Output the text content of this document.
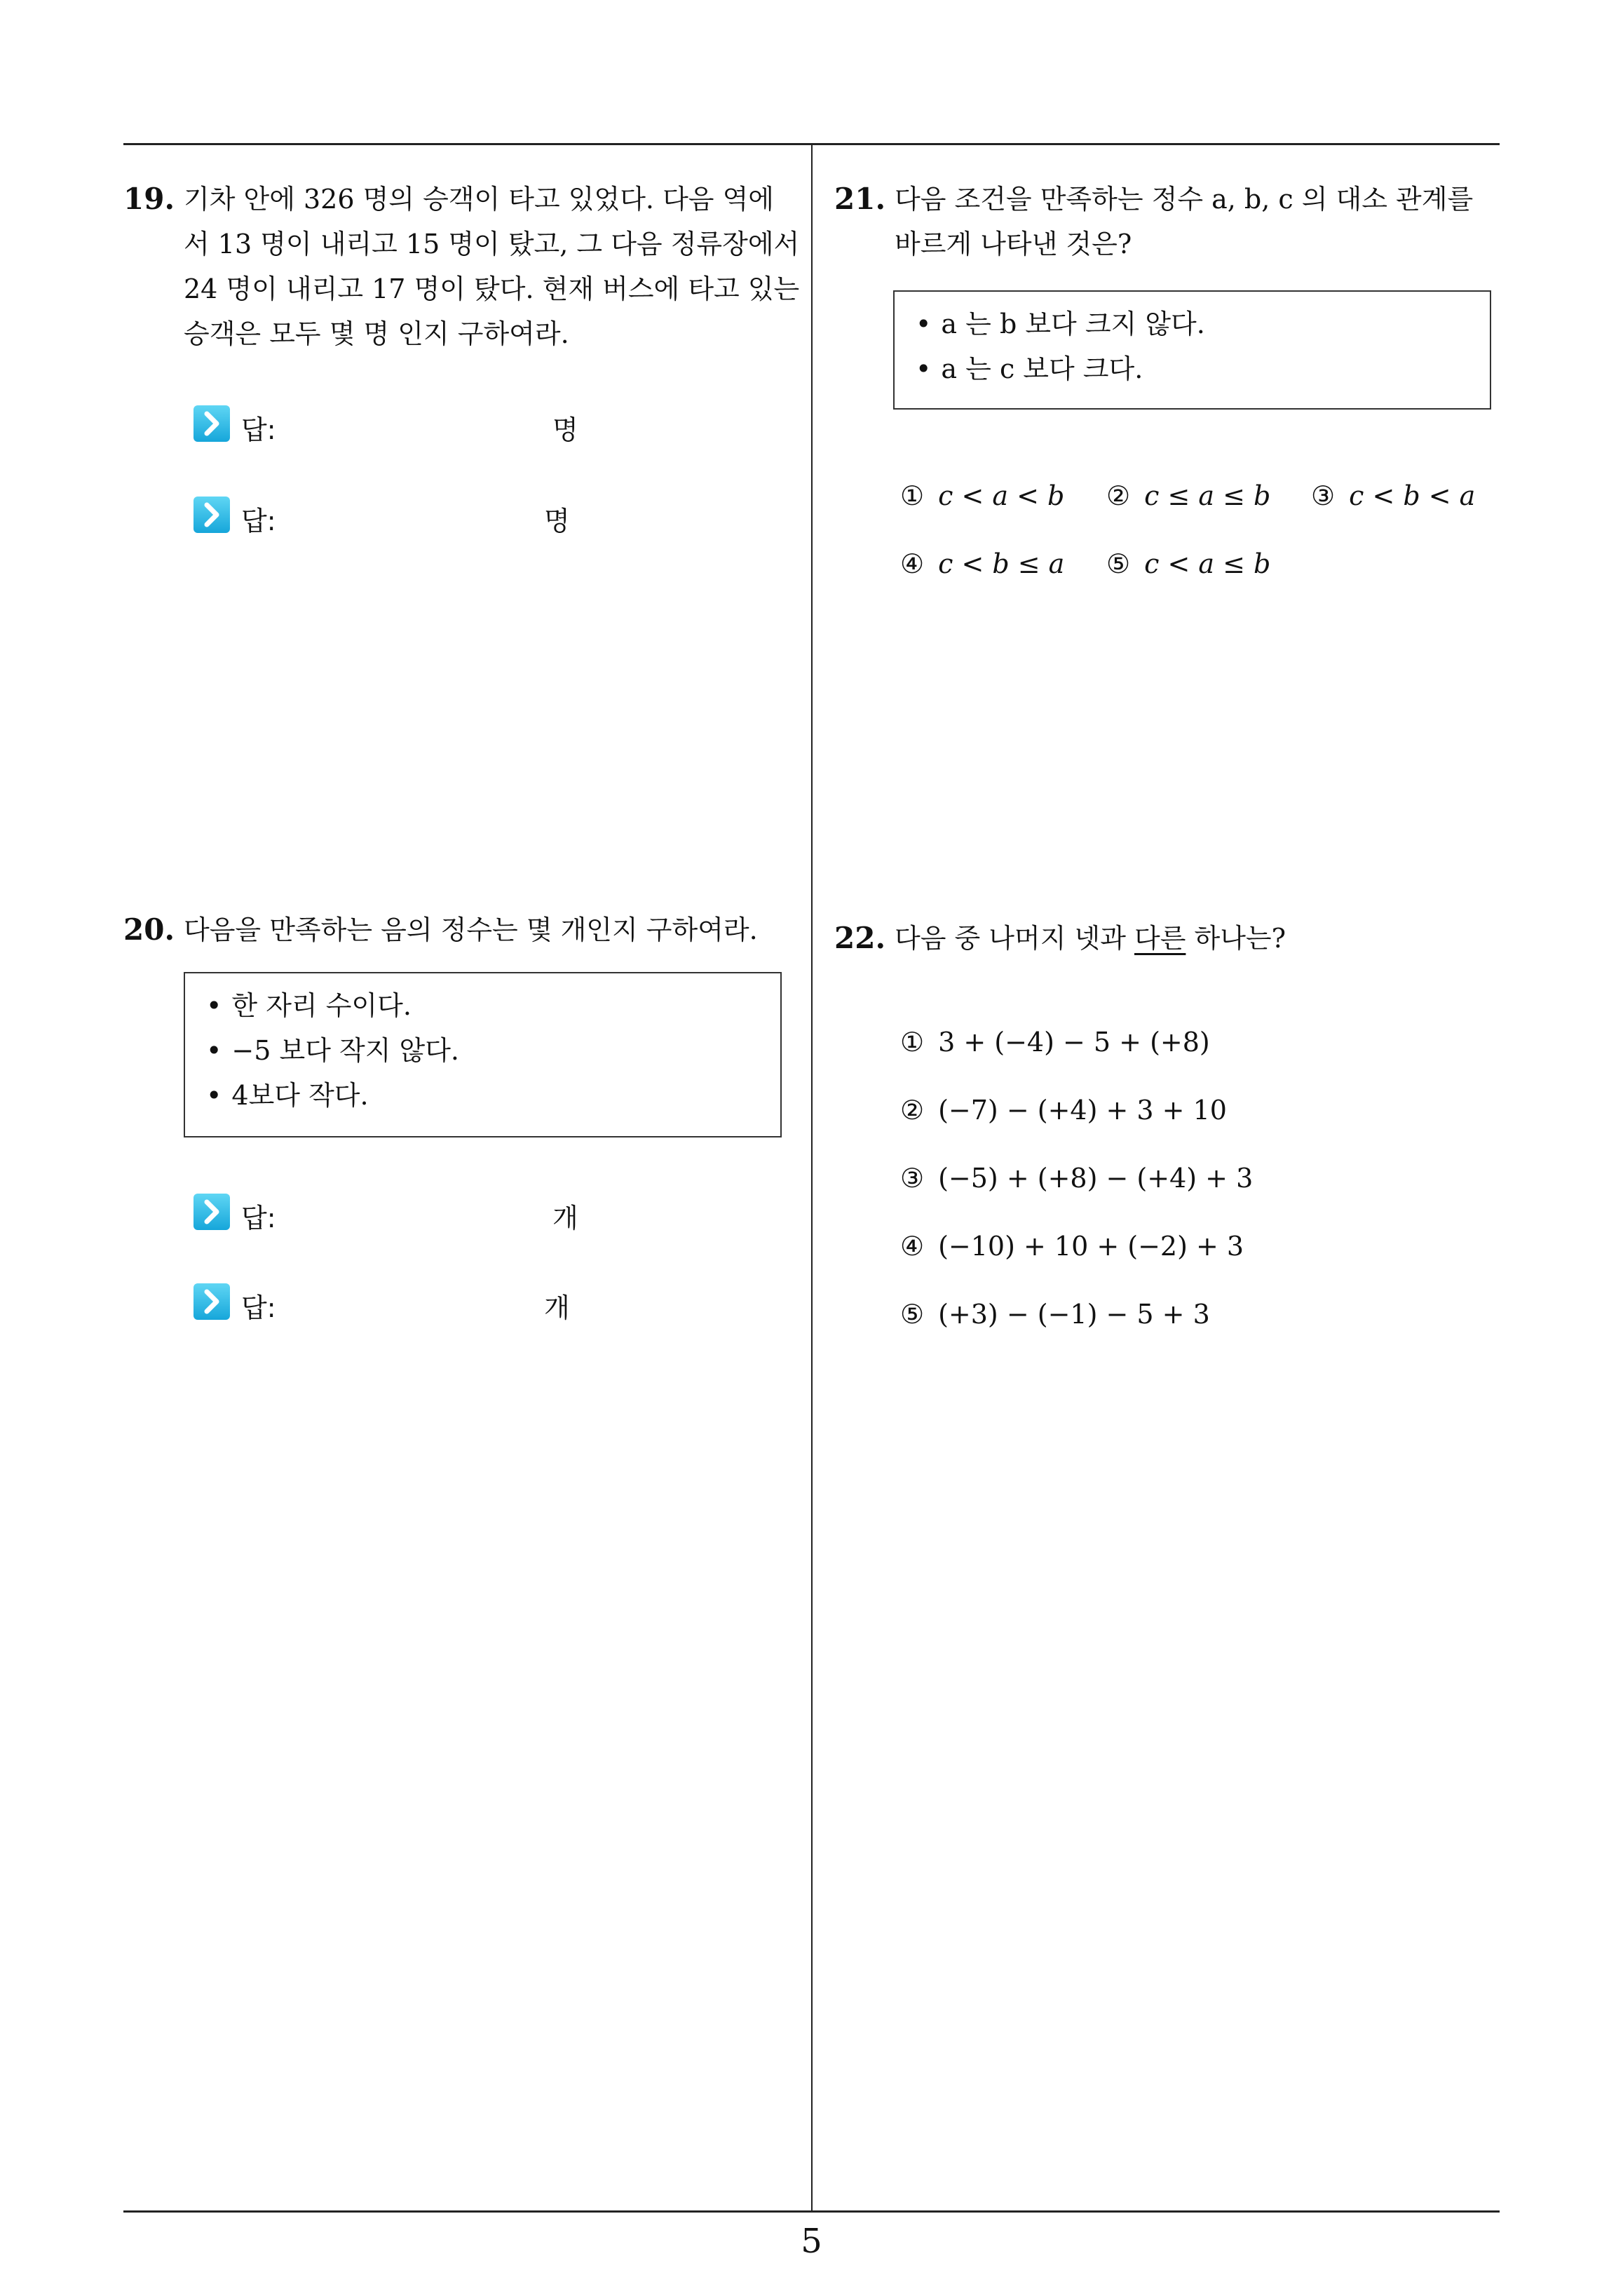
19. 기차 안에 326 명의 승객이 타고 있었다. 다음 역에
서 13 명이 내리고 15 명이 탔고, 그 다음 정류장에서
24 명이 내리고 17 명이 탔다. 현재 버스에 타고 있는
승객은 모두 몇 명 인지 구하여라.
답:	명
답:	명
20. 다음을 만족하는 음의 정수는 몇 개인지 구하여라.
• 한 자리 수이다.
• −5 보다 작지 않다.
• 4보다 작다.
답:	개
답:	개
21. 다음 조건을 만족하는 정수 a, b, c 의 대소 관계를
바르게 나타낸 것은?
• a 는 b 보다 크지 않다.
• a 는 c 보다 크다.
① c < a < b ② c ≤ a ≤ b ③ c < b < a
④ c < b ≤ a ⑤ c < a ≤ b
22. 다음 중 나머지 넷과 다른 하나는?
① 3 + (−4) − 5 + (+8)
② (−7) − (+4) + 3 + 10
③ (−5) + (+8) − (+4) + 3
④ (−10) + 10 + (−2) + 3
⑤ (+3) − (−1) − 5 + 3
5
